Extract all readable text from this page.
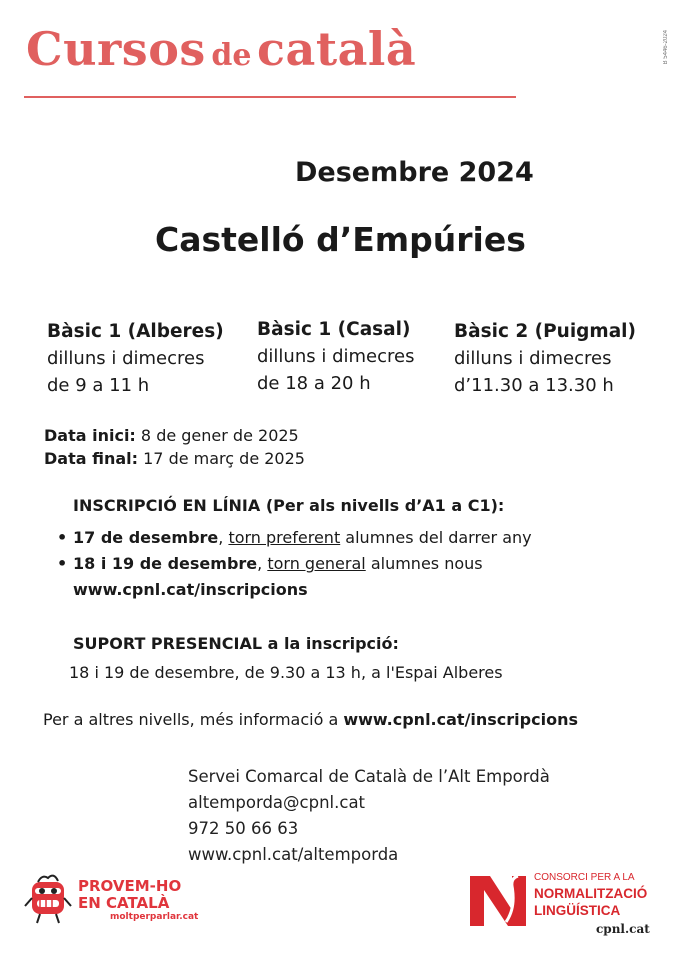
Cursos de català	B 5446-2024
Desembre 2024
Castelló d’Empúries
Bàsic 1 (Alberes)
dilluns i dimecres
de 9 a 11 h
Bàsic 1 (Casal)
dilluns i dimecres
de 18 a 20 h
Bàsic 2 (Puigmal)
dilluns i dimecres
d’11.30 a 13.30 h
Data inici: 8 de gener de 2025
Data final: 17 de març de 2025
INSCRIPCIÓ EN LÍNIA (Per als nivells d’A1 a C1):
• 17 de desembre, torn preferent alumnes del darrer any
• 18 i 19 de desembre, torn general alumnes nous
www.cpnl.cat/inscripcions
SUPORT PRESENCIAL a la inscripció:
18 i 19 de desembre, de 9.30 a 13 h, a l'Espai Alberes
Per a altres nivells, més informació a www.cpnl.cat/inscripcions
Servei Comarcal de Català de l’Alt Empordà
altemporda@cpnl.cat
972 50 66 63
www.cpnl.cat/altemporda
PROVEM-HO
EN CATALÀ
moltperparlar.cat
CONSORCI PER A LA
NORMALITZACIÓ
LINGÜÍSTICA
cpnl.cat
